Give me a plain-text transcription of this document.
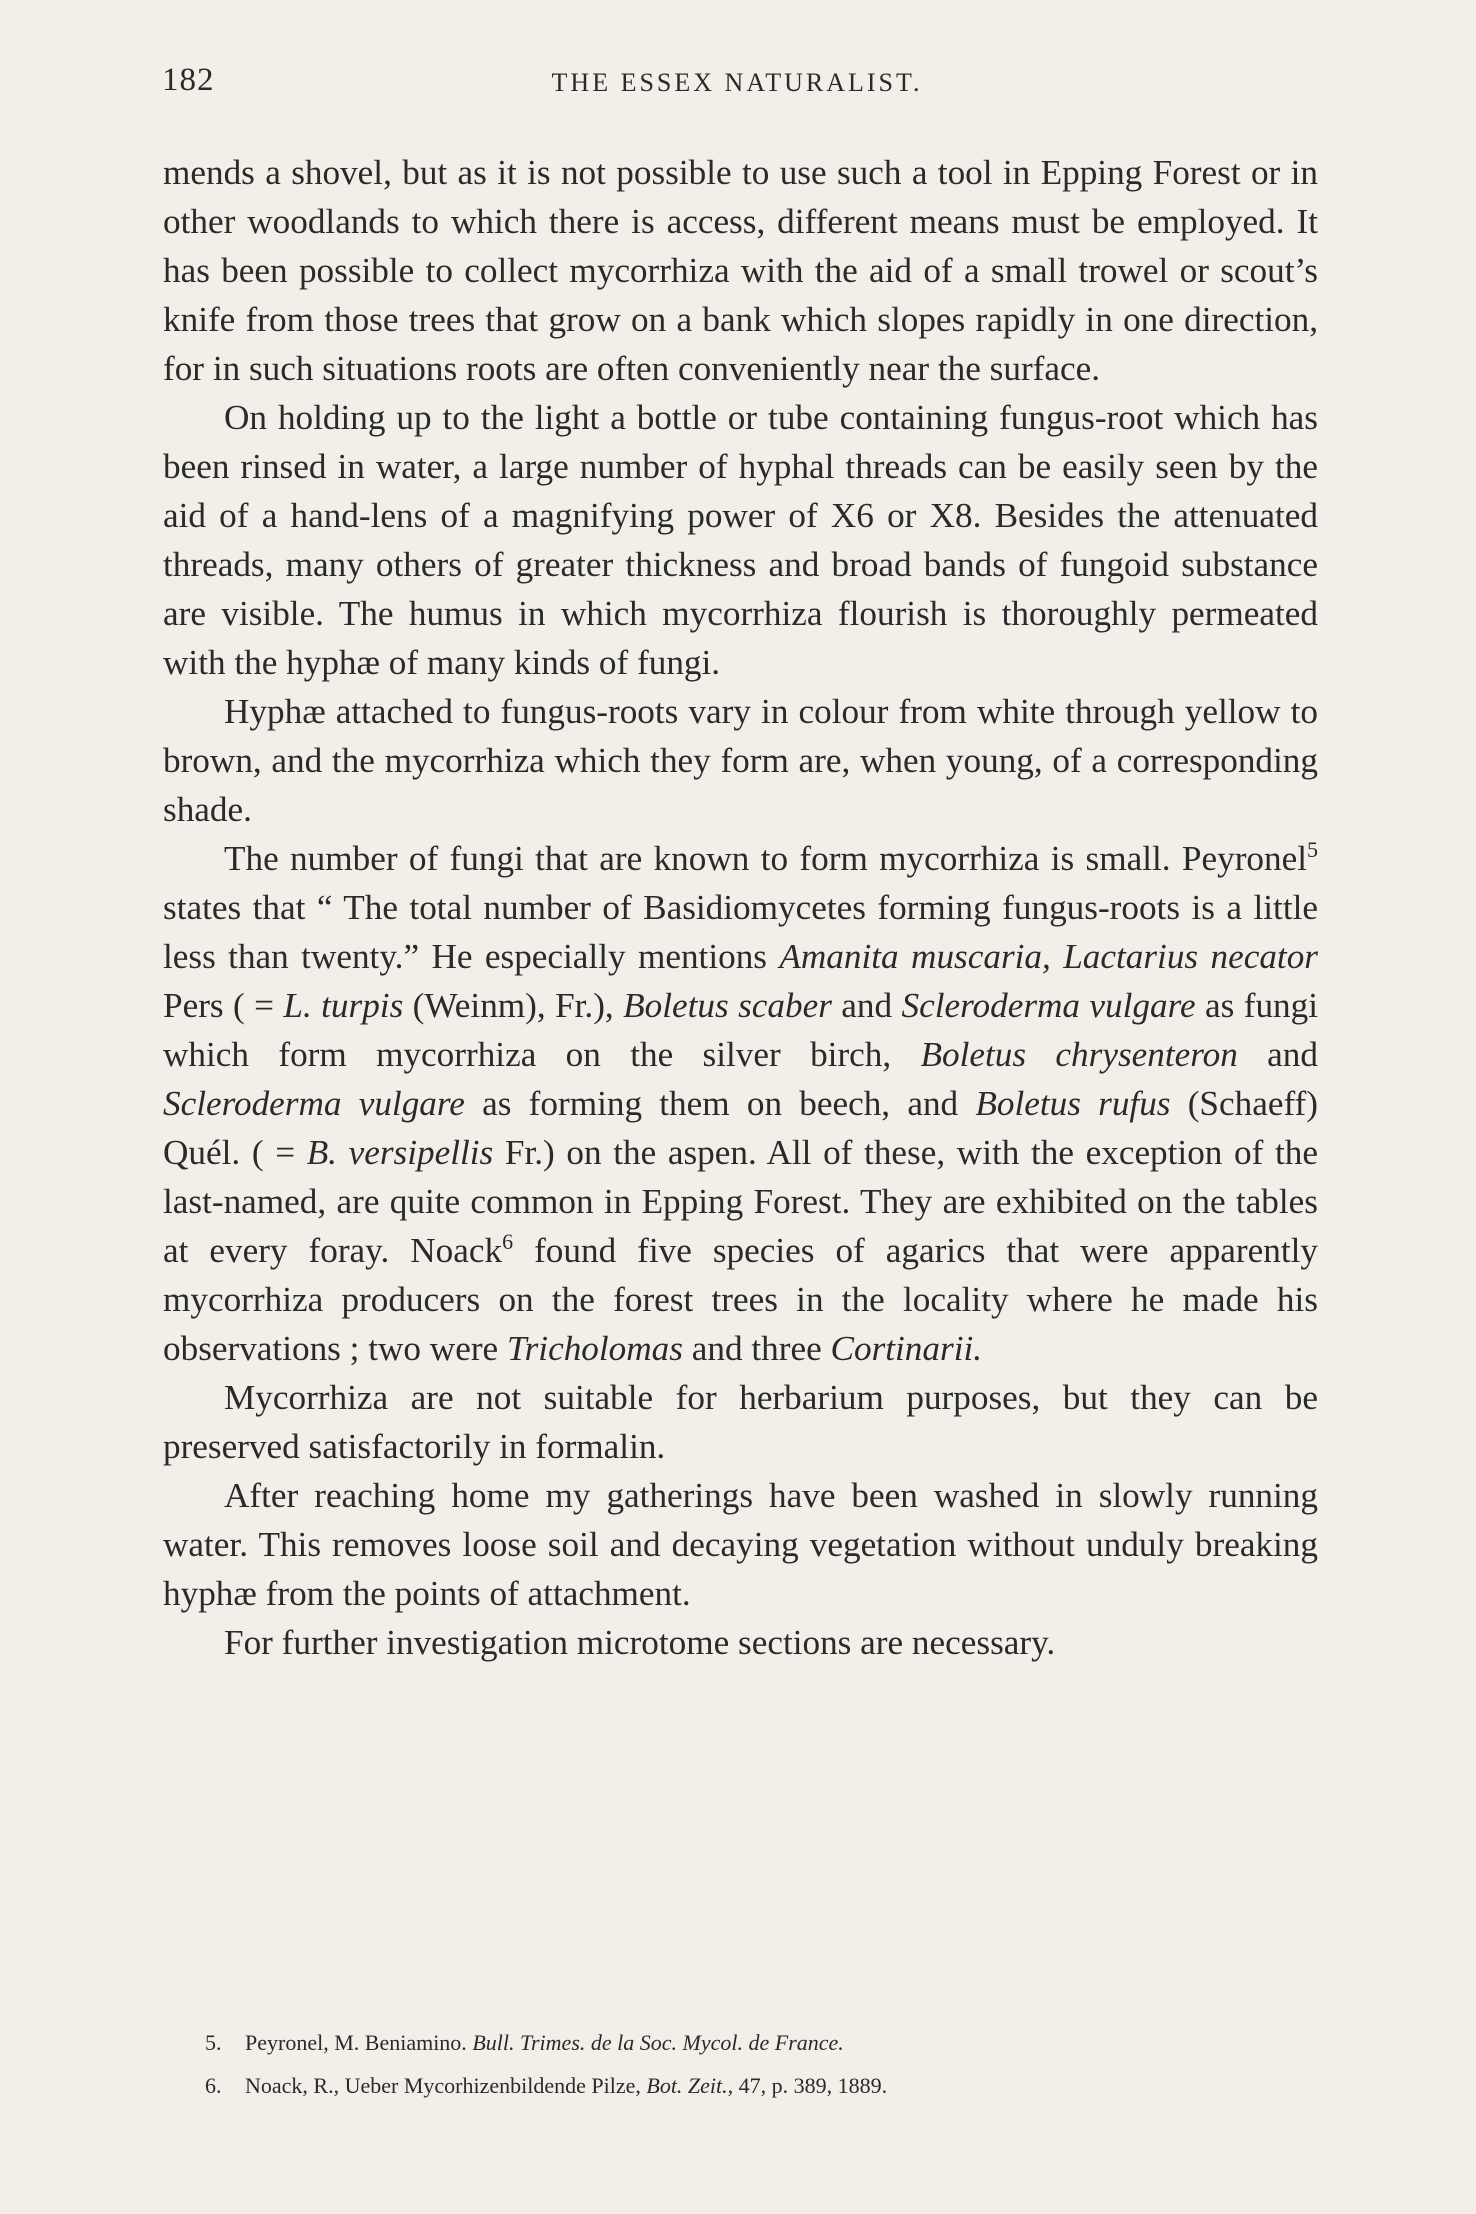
182	THE ESSEX NATURALIST.

mends a shovel, but as it is not possible to use such a tool in Epping Forest or in other woodlands to which there is access, different means must be employed. It has been possible to collect mycorrhiza with the aid of a small trowel or scout’s knife from those trees that grow on a bank which slopes rapidly in one direction, for in such situations roots are often conveniently near the surface.

On holding up to the light a bottle or tube containing fungus-root which has been rinsed in water, a large number of hyphal threads can be easily seen by the aid of a hand-lens of a magnifying power of X6 or X8. Besides the attenuated threads, many others of greater thickness and broad bands of fungoid substance are visible. The humus in which mycorrhiza flourish is thoroughly permeated with the hyphæ of many kinds of fungi.

Hyphæ attached to fungus-roots vary in colour from white through yellow to brown, and the mycorrhiza which they form are, when young, of a corresponding shade.

The number of fungi that are known to form mycorrhiza is small. Peyronel$^5$ states that “ The total number of Basidiomycetes forming fungus-roots is a little less than twenty.” He especially mentions Amanita muscaria, Lactarius necator Pers ( = L. turpis (Weinm), Fr.), Boletus scaber and Scleroderma vulgare as fungi which form mycorrhiza on the silver birch, Boletus chrysenteron and Scleroderma vulgare as forming them on beech, and Boletus rufus (Schaeff) Quél. ( = B. versipellis Fr.) on the aspen. All of these, with the exception of the last-named, are quite common in Epping Forest. They are exhibited on the tables at every foray. Noack$^6$ found five species of agarics that were apparently mycorrhiza producers on the forest trees in the locality where he made his observations ; two were Tricholomas and three Cortinarii.

Mycorrhiza are not suitable for herbarium purposes, but they can be preserved satisfactorily in formalin.

After reaching home my gatherings have been washed in slowly running water. This removes loose soil and decaying vegetation without unduly breaking hyphæ from the points of attachment.

For further investigation microtome sections are necessary.

5. Peyronel, M. Beniamino. Bull. Trimes. de la Soc. Mycol. de France.
6. Noack, R., Ueber Mycorhizenbildende Pilze, Bot. Zeit., 47, p. 389, 1889.
